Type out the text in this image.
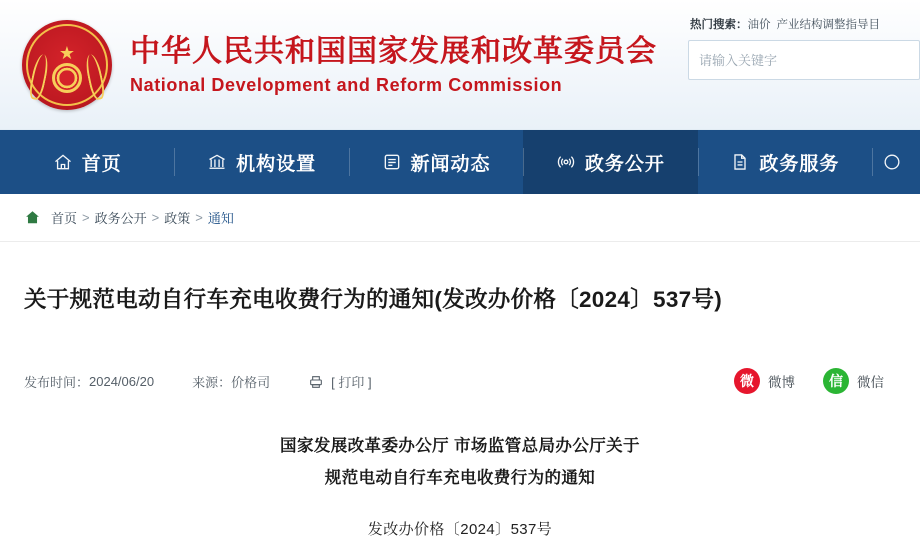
★ 中华人民共和国国家发展和改革委员会
National Development and Reform Commission
热门搜索：油价 产业结构调整指导目
请输入关键字
首页	机构设置	新闻动态	政务公开	政务服务
首页 > 政务公开 > 政策 > 通知
关于规范电动自行车充电收费行为的通知(发改办价格〔2024〕537号)
发布时间： 2024/06/20	来源： 价格司	[ 打印 ]	微 微博 信 微信
国家发展改革委办公厅 市场监管总局办公厅关于
规范电动自行车充电收费行为的通知
发改办价格〔2024〕537号
